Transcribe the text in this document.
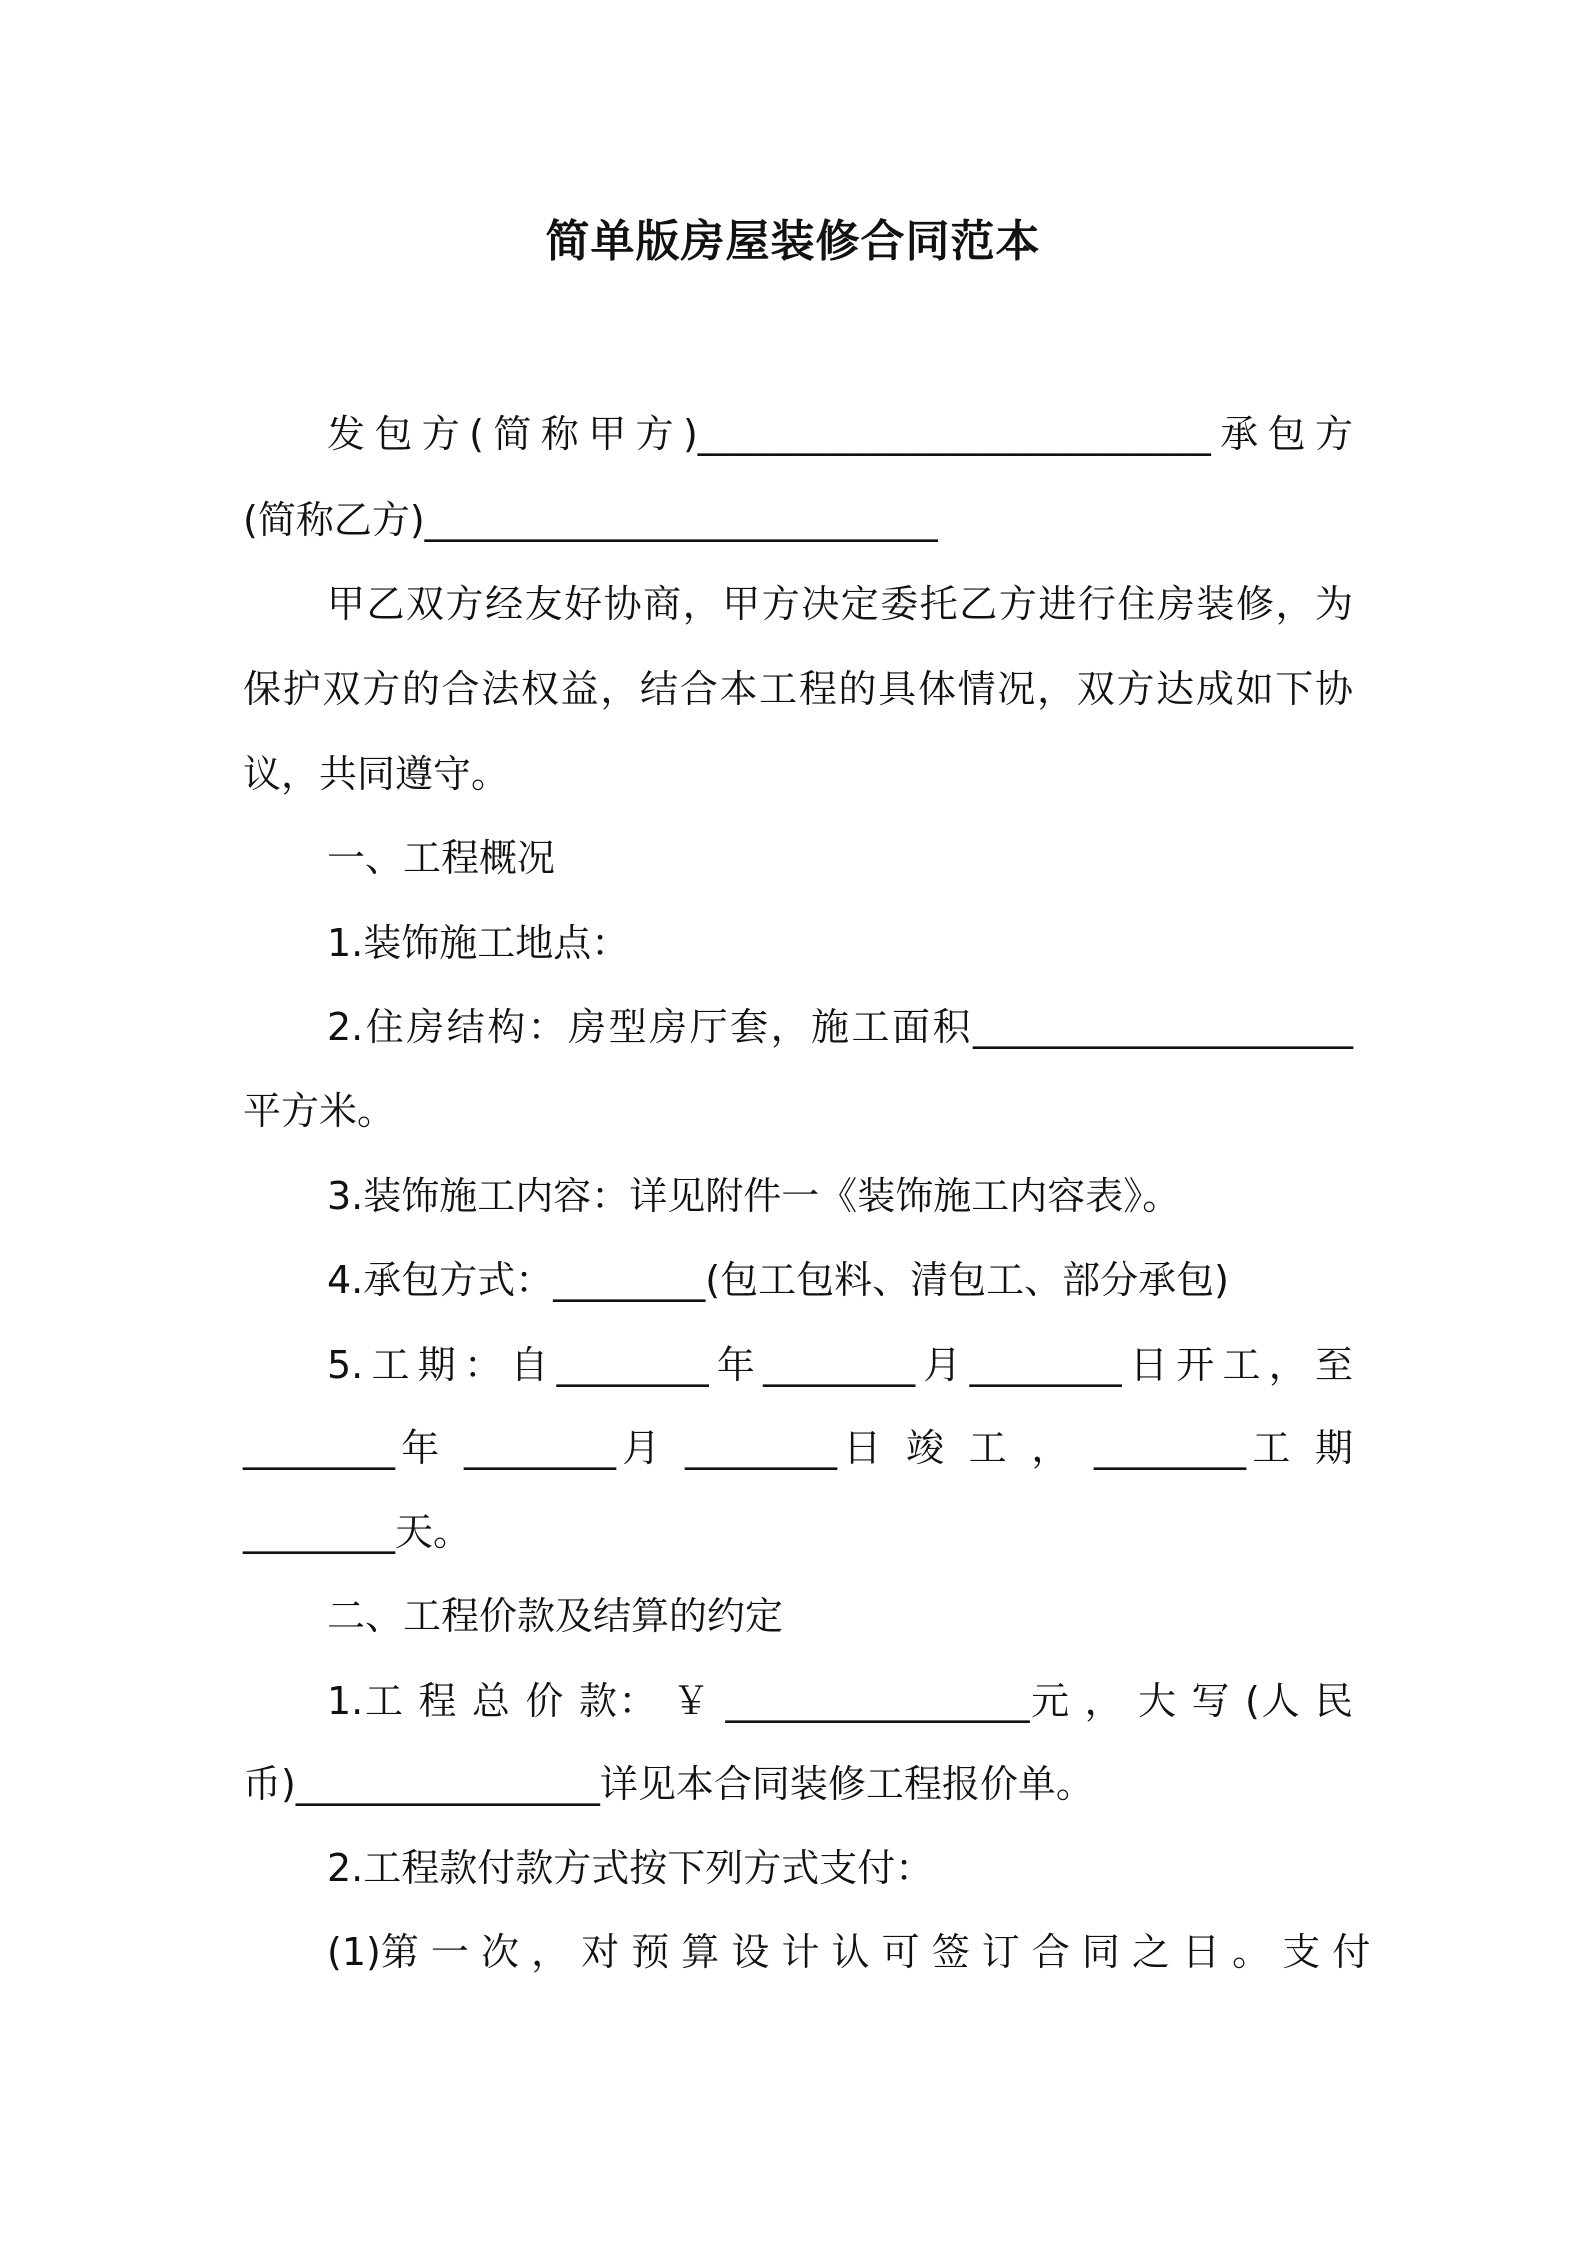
简单版房屋装修合同范本

发包方(简称甲方)___________________________承包方

(简称乙方)___________________________

甲乙双方经友好协商，甲方决定委托乙方进行住房装修，为

保护双方的合法权益，结合本工程的具体情况，双方达成如下协

议，共同遵守。

一、工程概况

1.装饰施工地点：

2.住房结构：房型房厅套，施工面积____________________

平方米。

3.装饰施工内容：详见附件一《装饰施工内容表》。

4.承包方式：________(包工包料、清包工、部分承包)

5.工期：自________年________月________日开工，至

________年 ________月 ________日 竣 工 ， ________工 期

________天。

二、工程价款及结算的约定

1.工 程 总 价 款： ￥ ________________元 ， 大 写 (人 民

币)________________详见本合同装修工程报价单。

2.工程款付款方式按下列方式支付：

(1)第 一 次 ， 对 预 算 设 计 认 可 签 订 合 同 之 日 。 支 付
